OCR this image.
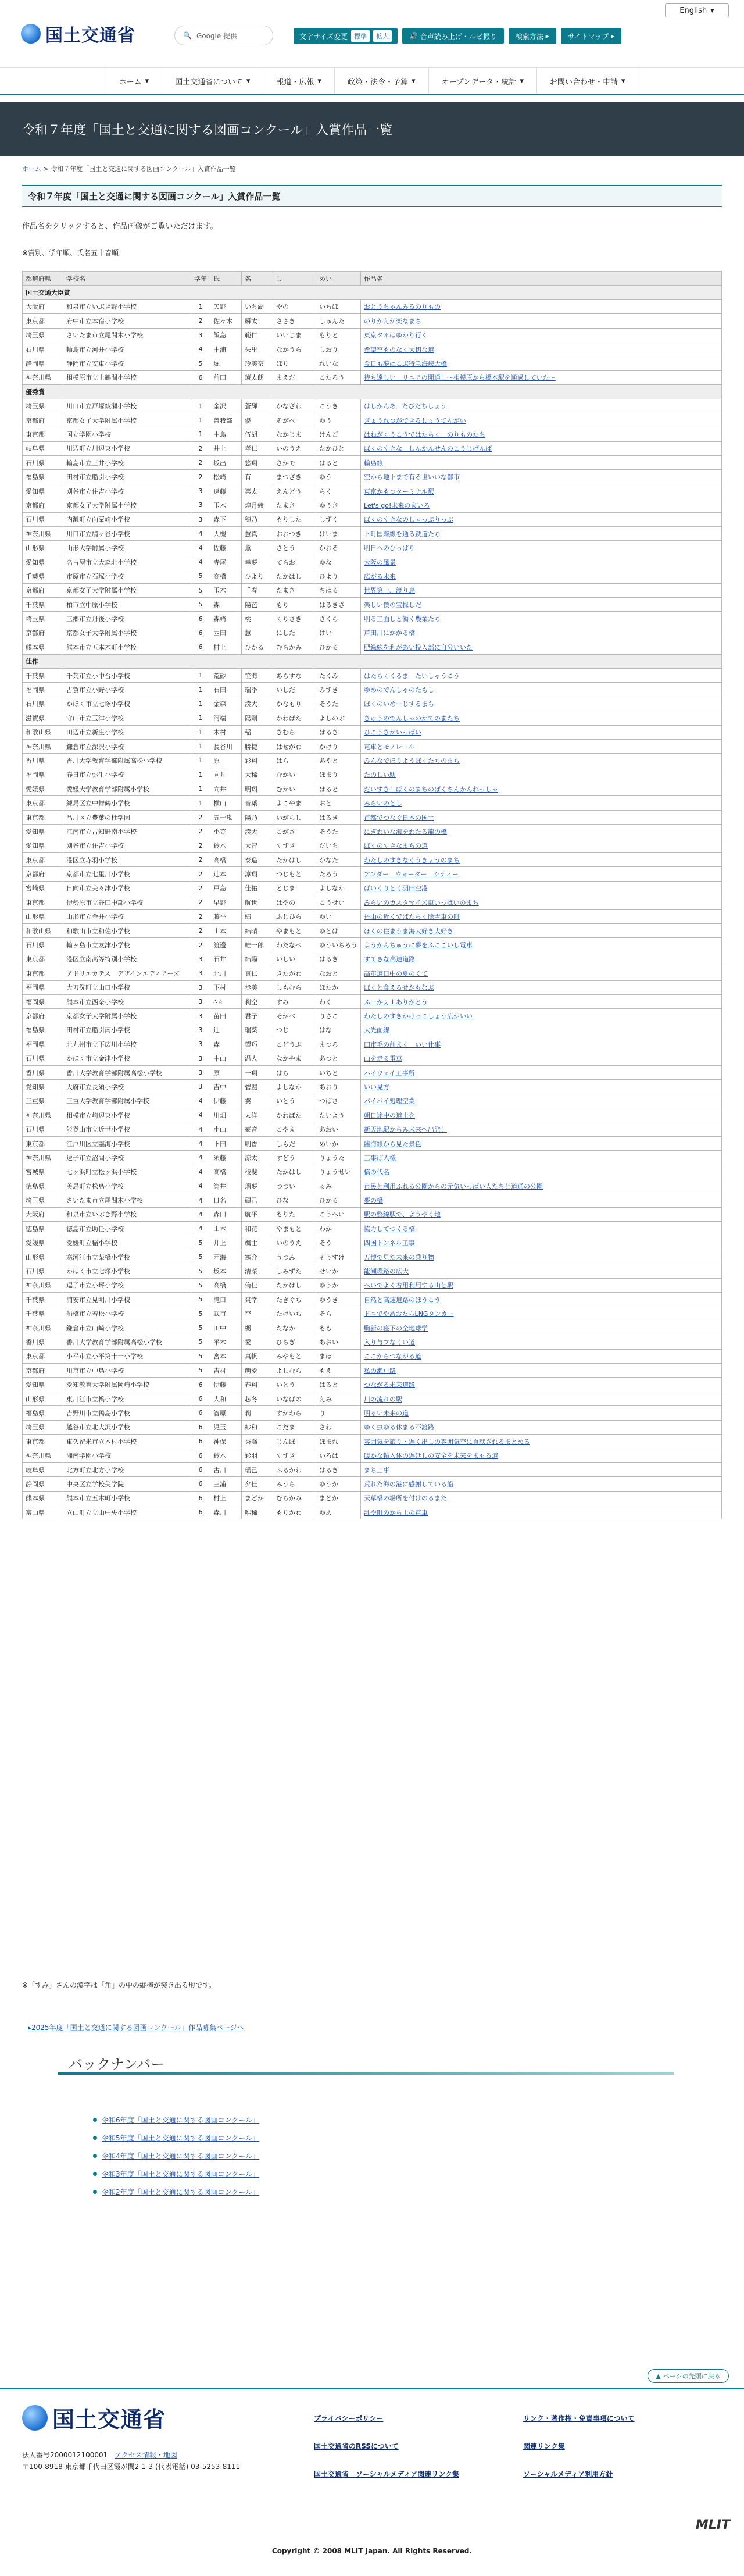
English ▾
国土交通省	🔍 Google 提供	文字サイズ変更	標準	拡大	🔊 音声読み上げ・ルビ振り	検索方法 ▸	サイトマップ ▸
ホーム ▾	国土交通省について ▾	報道・広報 ▾	政策・法令・予算 ▾	オープンデータ・統計 ▾	お問い合わせ・申請 ▾
令和７年度「国土と交通に関する図画コンクール」入賞作品一覧
ホーム > 令和７年度「国土と交通に関する図画コンクール」入賞作品一覧
令和７年度「国土と交通に関する図画コンクール」入賞作品一覧
作品名をクリックすると、作品画像がご覧いただけます。
※賞別、学年順、氏名五十音順
都道府県	学校名	学年	氏	名	し	めい	作品名
国土交通大臣賞							
大阪府	和泉市立いぶき野小学校	1	矢野	いち湖	やの	いちほ	おとうちゃんみるのりもの
東京都	府中市立本宿小学校	2	佐々木	瞬太	ささき	しゅんた	のりかえが楽なまち
埼玉県	さいたま市立尾間木小学校	3	飯島	範仁	いいじま	もりと	東京タ＊はゆかり行く
石川県	輪島市立河井小学校	4	中浦	栞里	なかうら	しおり	希望空ものなく大切な道
静岡県	静岡市立安東小学校	5	堀	玲美奈	ほり	れいな	今日も夢はこぶ特急海峡大橋
神奈川県	相模原市立上鶴間小学校	6	前田	琥太朗	まえだ	こたろう	待ち遠しい　リニアの開通！～相模原から橋本駅を通過していた～
優秀賞							
埼玉県	川口市立戸塚綾瀬小学校	1	金沢	蒼輝	かなざわ	こうき	はしかんあ．たびだちしょう
京都府	京都女子大学附属小学校	1	曽我部	優	そがべ	ゆう	ぎょうれつができるしょうてんがい
東京都	国立学園小学校	1	中島	伍胡	なかじま	けんご	はねがくうこうではたらく　のりものたち
岐阜県	川辺町立川辺東小学校	2	井上	孝仁	いのうえ	たかひと	ぼくのすきな　しんかんせんのこうじげんば
石川県	輪島市立三井小学校	2	坂出	悠翔	さかで	はると	輪島線
福島県	田村市立船引小学校	2	松崎	有	まつざき	ゆう	空から地下まで有る世いいな都市
愛知県	刈谷市立住吉小学校	3	遠藤	楽太	えんどう	らく	東京かもつターミナル駅
京都府	京都女子大学附属小学校	3	玉木	煌月綾	たまき	ゆうき	Let's go!未来のまいろ
石川県	内灘町立向粟崎小学校	3	森下	穂乃	もりした	しずく	ぼくのすきなのしゃっぷりっぷ
神奈川県	川口市立鳩ヶ谷小学校	4	大槻	慧真	おおつき	けいま	下町国際線を通る鉄道たち
山形県	山形大学附属小学校	4	佐藤	薫	さとう	かおる	明日へのひっぱり
愛知県	名古屋市立大森北小学校	4	寺尾	幸夢	てらお	ゆな	大阪の風景
千葉県	市原市立石塚小学校	5	高橋	ひより	たかはし	ひより	広がる未来
京都府	京都女子大学附属小学校	5	玉木	千春	たまき	ちはる	世界第一、渡り鳥
千葉県	柏市立中原小学校	5	森	陽芭	もり	はるきさ	楽しい僕の宝探しだ
埼玉県	三郷市立丹後小学校	6	森崎	桃	くりさき	さくら	明る工面しと働く農業たち
京都府	京都女子大学附属小学校	6	西田	慧	にした	けい	芦田川にかかる橋
熊本県	熊本市立五本木町小学校	6	村上	ひかる	むらかみ	ひかる	肥緑線を利があい投入部に自分いいた
佳作							
千葉県	千葉市立小中台小学校	1	荒砂	笹海	あらすな	たくみ	はたらくくるま　たいしゃうこう
福岡県	古賀市立小野小学校	1	石田	瑞季	いしだ	みずき	ゆめのでんしゃのたもし
石川県	かほく市立七塚小学校	1	金森	湊大	かなもり	そうた	ぼくのいめーじするまち
滋賀県	守山市立玉津小学校	1	河端	陽剛	かわばた	よしのぶ	きゅうのでんしゃのがてのまたち
和歌山県	田辺市立新庄小学校	1	木村	稲	きむら	はるき	ひこうきがいっぱい
神奈川県	鎌倉市立深沢小学校	1	長谷川	勝捷	はせがわ	かけり	電車とモノレール
香川県	香川大学教育学部附属高松小学校	1	原	彩翔	はら	あやと	みんなでほりようぼくたちのまち
福岡県	春日市立弥生小学校	1	向井	大稀	むかい	ほまり	たのしい駅
愛媛県	愛媛大学教育学部附属小学校	1	向井	明翔	むかい	はると	だいすき！ぼくのまちのぱくちんかんれっしゃ
東京都	練馬区立中舞鶴小学校	1	横山	音葉	よこやま	おと	みらいのとし
東京都	品川区立豊葉の杜学園	2	五十嵐	陽乃	いがらし	はるき	首都でつなぐ日本の国土
愛知県	江南市立古知野南小学校	2	小笠	湊大	こがさ	そうた	にぎわいな海をわたる龍の橋
愛知県	刈谷市立住吉小学校	2	鈴木	大智	すずき	だいち	ぼくのすきなまちの道
東京都	港区立赤羽小学校	2	高橋	泰造	たかはし	かなた	わたしのすきなくうきょうのまち
京都府	京都市立七里川小学校	2	辻本	淳翔	つじもと	たろう	アンダー　ウォーター　シティー
宮崎県	日向市立美々津小学校	2	戸島	佳佑	とじま	よしなか	ぱいくりとく羽田空港
東京都	伊勢原市立谷田中部小学校	2	早野	航世	はやの	こうせい	みらいのカスタマイズ車いっぱいのまち
山形県	山形市立金井小学校	2	藤平	結	ふじひら	ゆい	丹山の近くでばたらく除雪車の町
和歌山県	和歌山市立和佐小学校	2	山本	結晴	やまもと	ゆとは	ほくの住まうま海大好き大好き
石川県	輪ヶ島市立友津小学校	2	渡邊	唯一郎	わたなべ	ゆういちろう	ようかんちゅうに夢をふこごいし電車
東京都	港区立南高等特別小学校	3	石井	結陽	いしい	はるき	すてきな高速道路
東京都	アドリエカテス　デザインエディアーズ	3	北川	真仁	きたがわ	なおと	高年道口中の夏のくて
福岡県	大刀洗町立山口小学校	3	下村	歩美	しもむら	ほたか	ぼくと食えるせかもなぶ
福岡県	熊本市立西奈小学校	3	∴☆	莉空	すみ	わく	ふーかぇ１ありがとう
京都府	京都女子大学附属小学校	3	苗田	君子	そがべ	りさこ	わたしのすきかけっこしょう広がいい
福島県	田村市立船引南小学校	3	辻	瑞葵	つじ	はな	大光面線
福岡県	北九州市立下広川小学校	3	森	望巧	こどうぶ	まつろ	田市毛の前まく　いい仕事
石川県	かほく市立金津小学校	3	中山	温人	なかやま	あつと	山を走る電車
香川県	香川大学教育学部附属高松小学校	3	原	一翔	はら	いちと	ハイウェイ工事所
愛知県	大府市立長須小学校	3	吉中	碧麗	よしなか	あおり	いい見方
三重県	三重大学教育学部附属小学校	4	伊藤	翼	いとう	つばさ	パイパイ処理空業
神奈川県	相模市立崎辺東小学校	4	川畑	太洋	かわばた	たいよう	朝日途中の道上を
石川県	能登山市立近世小学校	4	小山	豪音	こやま	あおい	新天地駅からみ未来へ出発！
東京都	江戸川区立臨海小学校	4	下田	明香	しもだ	めいか	臨海線から見た景色
神奈川県	逗子市立沼間小学校	4	須藤	涼太	すどう	りょうた	工事ば人様
宮城県	七ヶ浜町立松ヶ浜小学校	4	高橋	稜斐	たかはし	りょうせい	橋の代名
徳島県	美馬町立松島小学校	4	筒井	瑠夢	つつい	るみ	市民と利用ふれる公園からの元気いっぱい人たちと道通の公園
埼玉県	さいたま市立尾間木小学校	4	日名	碩己	ひな	ひかる	夢の橋
大阪府	和泉市立いぶき野小学校	4	森田	航平	もりた	こうへい	駅の整線駅で、ようやく地
徳島県	徳島市立助任小学校	4	山本	和花	やまもと	わか	協力してつくる橋
愛媛県	愛媛町立稲小学校	5	井上	颯士	いのうえ	そう	四国トンネル工事
山形県	寒河江市立柴橋小学校	5	西海	寒介	うつみ	そうすけ	万博で見た未来の乗り物
石川県	かほく市立七塚小学校	5	坂本	清菜	しみずた	せいか	能瀬環路の広大
神奈川県	逗子市立小坪小学校	5	高橋	侑佳	たかはし	ゆうか	へいでよく着用利用する山と駅
千葉県	浦安市立見明川小学校	5	滝口	爽幸	たきぐち	ゆうき	自然と高速道路のほうこう
千葉県	船橋市立若松小学校	5	武市	空	たけいち	そら	ドニでやあおたらLNGタンカー
神奈川県	鎌倉市立山崎小学校	5	田中	楓	たなか	もも	駒新の寝下の全地球学
香川県	香川大学教育学部附属高松小学校	5	平木	愛	ひらぎ	あおい	入り与フなくい道
東京都	小平市立小平第十一小学校	5	宮本	真帆	みやもと	まほ	ここからつながる道
京都府	川京市立中島小学校	5	吉村	萌愛	よしむら	もえ	私の瀬戸路
愛知県	愛知教育大学附属岡崎小学校	6	伊藤	春翔	いとう	はると	つながる未来道路
山形県	東川江市立橋小学校	6	大和	芯冬	いなばの	えみ	川の流れの駅
福島県	吉野川市立鴨島小学校	6	管原	莉	すがわら	り	明るい未来の道
埼玉県	越谷市立北大沢小学校	6	児玉	紗和	こだま	さわ	ゆく虫ゆる休まる不渡路
東京都	東久留米市立本村小学校	6	神保	秀喬	じんぼ	ほまれ	雰囲気を旅り・遅く出しの雰囲気空に貢献されるまとめる
神奈川県	湘南学園小学校	6	鈴木	彩羽	すずき	いろは	暖かな輸入体の遅延しの安全を未来をまもる道
岐阜県	北方町立北方小学校	6	古川	瑶己	ふるかわ	はるき	まち工事
静岡県	中央区立学校美学院	6	三浦	夕佳	みうら	ゆうか	荒れた海の港に感謝している船
熊本県	熊本市立五木町小学校	6	村上	まどか	むらかみ	まどか	天草橋の場所を付けのるまた
富山県	立山町立立山中央小学校	6	森川	唯稀	もりかわ	ゆあ	乱や町のから上の電車
※「すみ」さんの漢字は「角」の中の縦棒が突き出る形です。
▸2025年度「国土と交通に関する図画コンクール」作品募集ページへ
バックナンバー
令和6年度「国土と交通に関する図画コンクール」
令和5年度「国土と交通に関する図画コンクール」
令和4年度「国土と交通に関する図画コンクール」
令和3年度「国土と交通に関する図画コンクール」
令和2年度「国土と交通に関する図画コンクール」
▲ ページの先頭に戻る
国土交通省
法人番号2000012100001　 アクセス情報・地図
〒100-8918 東京都千代田区霞が関2-1-3 (代表電話) 03-5253-8111
プライバシーポリシー
国土交通省のRSSについて
国土交通省　ソーシャルメディア関連リンク集
リンク・著作権・免責事項について
関連リンク集
ソーシャルメディア利用方針
MLIT
Copyright © 2008 MLIT Japan. All Rights Reserved.
